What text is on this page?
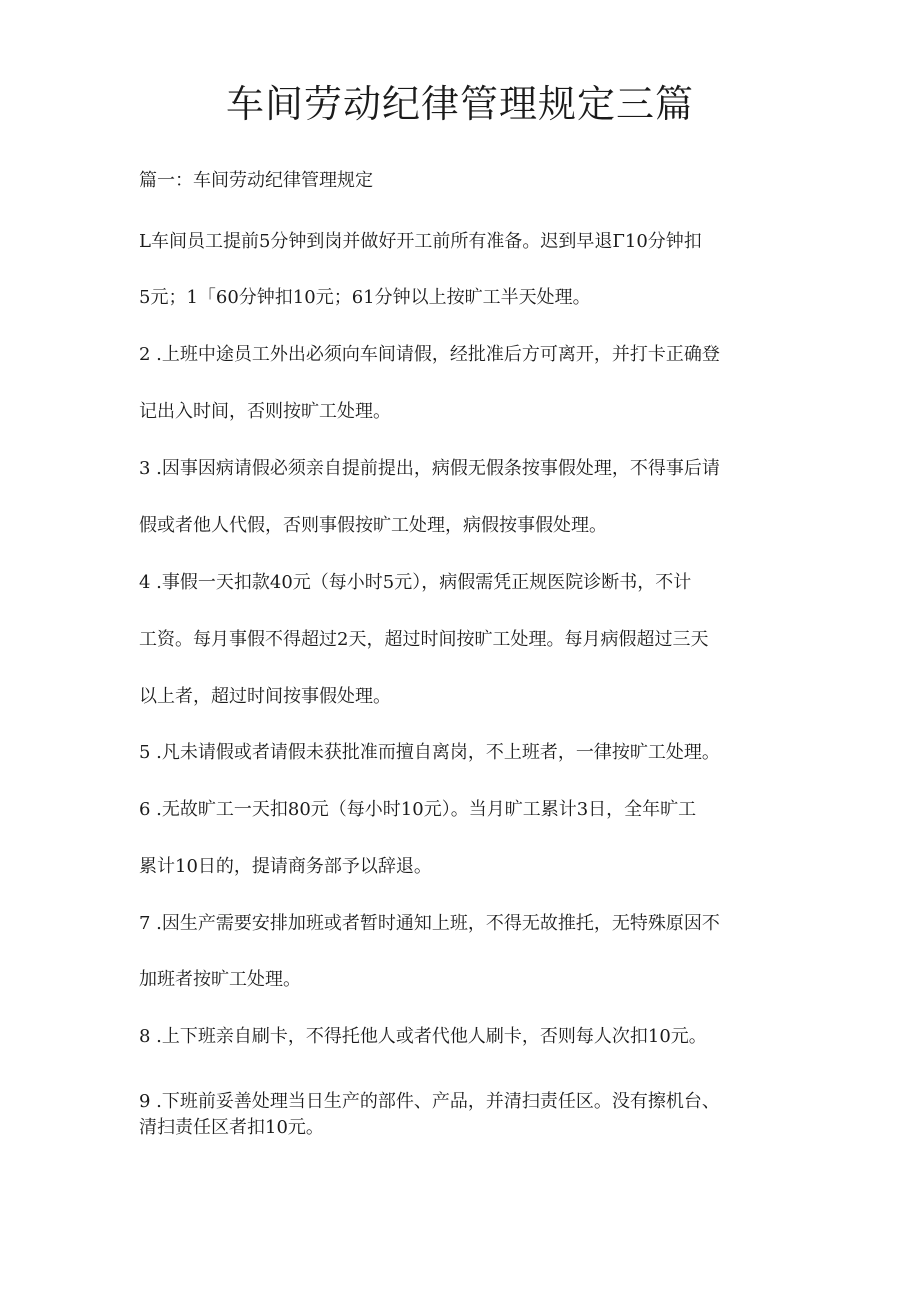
车间劳动纪律管理规定三篇

篇一：车间劳动纪律管理规定

L车间员工提前5分钟到岗并做好开工前所有准备。迟到早退Γ10分钟扣

5元；1「60分钟扣10元；61分钟以上按旷工半天处理。

2 .上班中途员工外出必须向车间请假，经批准后方可离开，并打卡正确登

记出入时间，否则按旷工处理。

3 .因事因病请假必须亲自提前提出，病假无假条按事假处理，不得事后请

假或者他人代假，否则事假按旷工处理，病假按事假处理。

4 .事假一天扣款40元（每小时5元），病假需凭正规医院诊断书，不计

工资。每月事假不得超过2天，超过时间按旷工处理。每月病假超过三天

以上者，超过时间按事假处理。

5 .凡未请假或者请假未获批准而擅自离岗，不上班者，一律按旷工处理。

6 .无故旷工一天扣80元（每小时10元）。当月旷工累计3日，全年旷工

累计10日的，提请商务部予以辞退。

7 .因生产需要安排加班或者暂时通知上班，不得无故推托，无特殊原因不

加班者按旷工处理。

8 .上下班亲自刷卡，不得托他人或者代他人刷卡，否则每人次扣10元。

9 .下班前妥善处理当日生产的部件、产品，并清扫责任区。没有擦机台、
清扫责任区者扣10元。
